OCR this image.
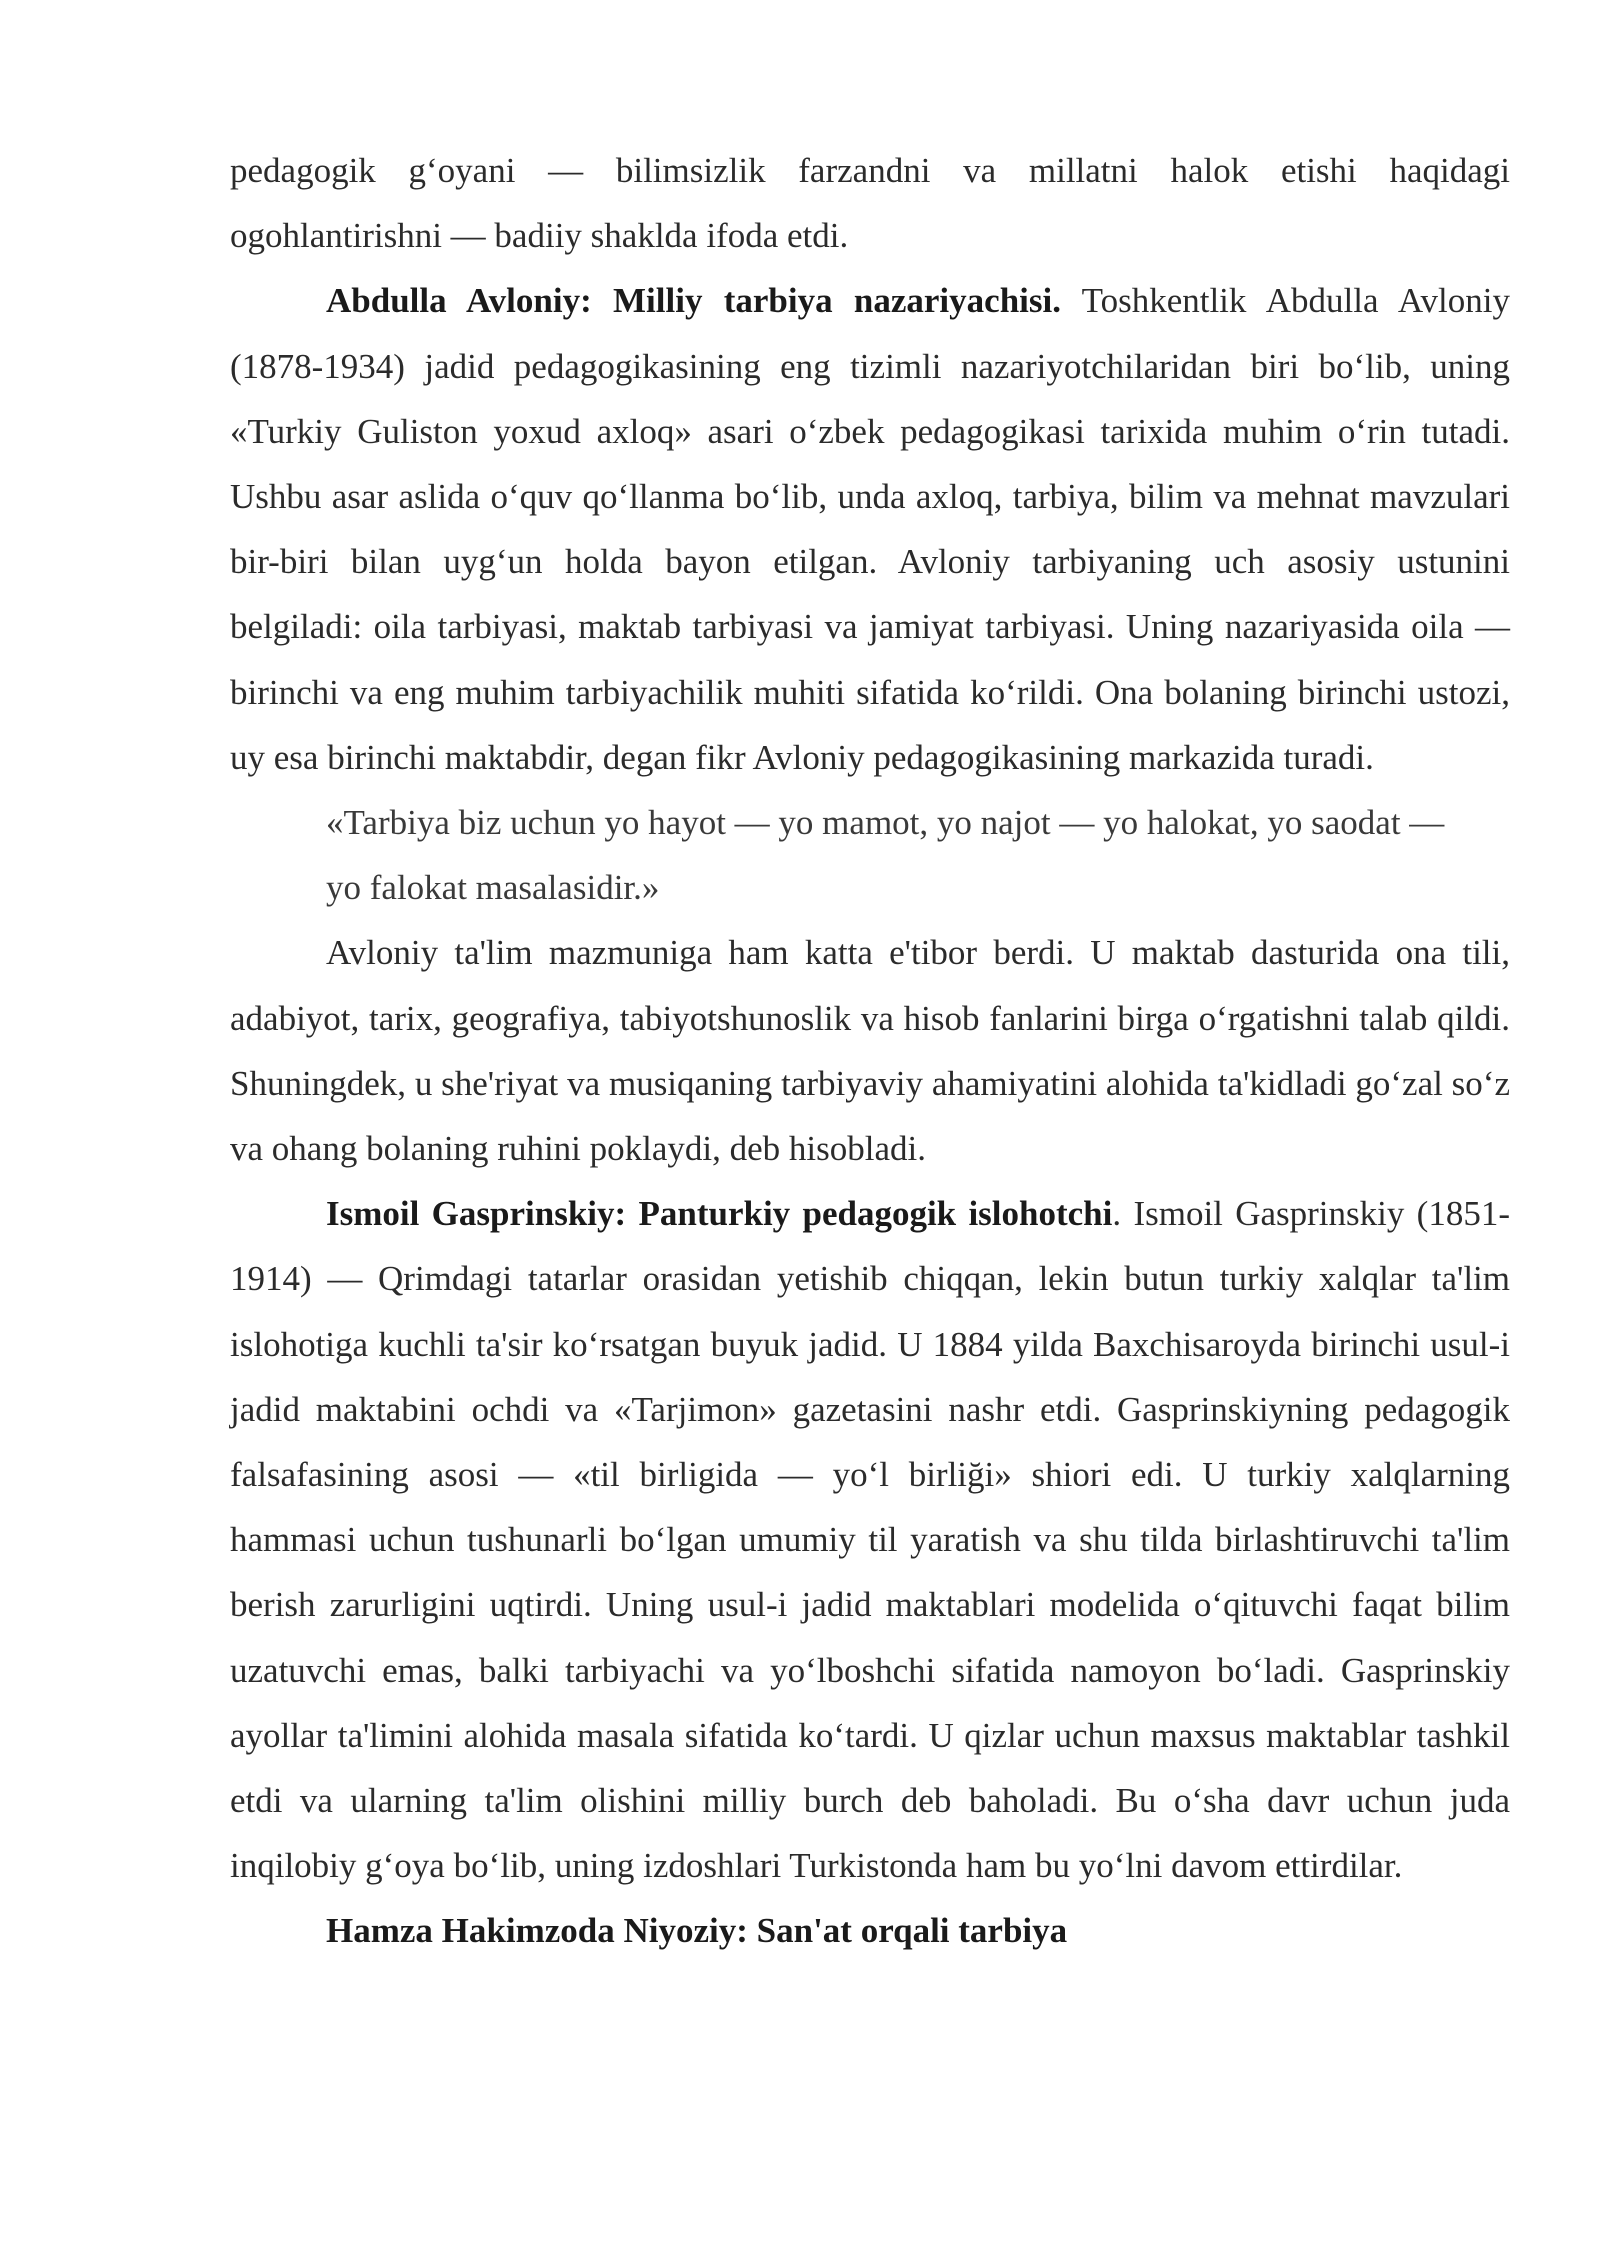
pedagogik g‘oyani — bilimsizlik farzandni va millatni halok etishi haqidagi ogohlantirishni — badiiy shaklda ifoda etdi.

Abdulla Avloniy: Milliy tarbiya nazariyachisi. Toshkentlik Abdulla Avloniy (1878-1934) jadid pedagogikasining eng tizimli nazariyotchilaridan biri bo‘lib, uning «Turkiy Guliston yoxud axloq» asari o‘zbek pedagogikasi tarixida muhim o‘rin tutadi. Ushbu asar aslida o‘quv qo‘llanma bo‘lib, unda axloq, tarbiya, bilim va mehnat mavzulari bir-biri bilan uyg‘un holda bayon etilgan. Avloniy tarbiyaning uch asosiy ustunini belgiladi: oila tarbiyasi, maktab tarbiyasi va jamiyat tarbiyasi. Uning nazariyasida oila — birinchi va eng muhim tarbiyachilik muhiti sifatida ko‘rildi. Ona bolaning birinchi ustozi, uy esa birinchi maktabdir, degan fikr Avloniy pedagogikasining markazida turadi.

«Tarbiya biz uchun yo hayot — yo mamot, yo najot — yo halokat, yo saodat — yo falokat masalasidir.»

Avloniy ta'lim mazmuniga ham katta e'tibor berdi. U maktab dasturida ona tili, adabiyot, tarix, geografiya, tabiyotshunoslik va hisob fanlarini birga o‘rgatishni talab qildi. Shuningdek, u she'riyat va musiqaning tarbiyaviy ahamiyatini alohida ta'kidladi go‘zal so‘z va ohang bolaning ruhini poklaydi, deb hisobladi.

Ismoil Gasprinskiy: Panturkiy pedagogik islohotchi. Ismoil Gasprinskiy (1851-1914) — Qrimdagi tatarlar orasidan yetishib chiqqan, lekin butun turkiy xalqlar ta'lim islohotiga kuchli ta'sir ko‘rsatgan buyuk jadid. U 1884 yilda Baxchisaroyda birinchi usul-i jadid maktabini ochdi va «Tarjimon» gazetasini nashr etdi. Gasprinskiyning pedagogik falsafasining asosi — «til birligida — yo‘l birliği» shiori edi. U turkiy xalqlarning hammasi uchun tushunarli bo‘lgan umumiy til yaratish va shu tilda birlashtiruvchi ta'lim berish zarurligini uqtirdi. Uning usul-i jadid maktablari modelida o‘qituvchi faqat bilim uzatuvchi emas, balki tarbiyachi va yo‘lboshchi sifatida namoyon bo‘ladi. Gasprinskiy ayollar ta'limini alohida masala sifatida ko‘tardi. U qizlar uchun maxsus maktablar tashkil etdi va ularning ta'lim olishini milliy burch deb baholadi. Bu o‘sha davr uchun juda inqilobiy g‘oya bo‘lib, uning izdoshlari Turkistonda ham bu yo‘lni davom ettirdilar.

Hamza Hakimzoda Niyoziy: San'at orqali tarbiya
